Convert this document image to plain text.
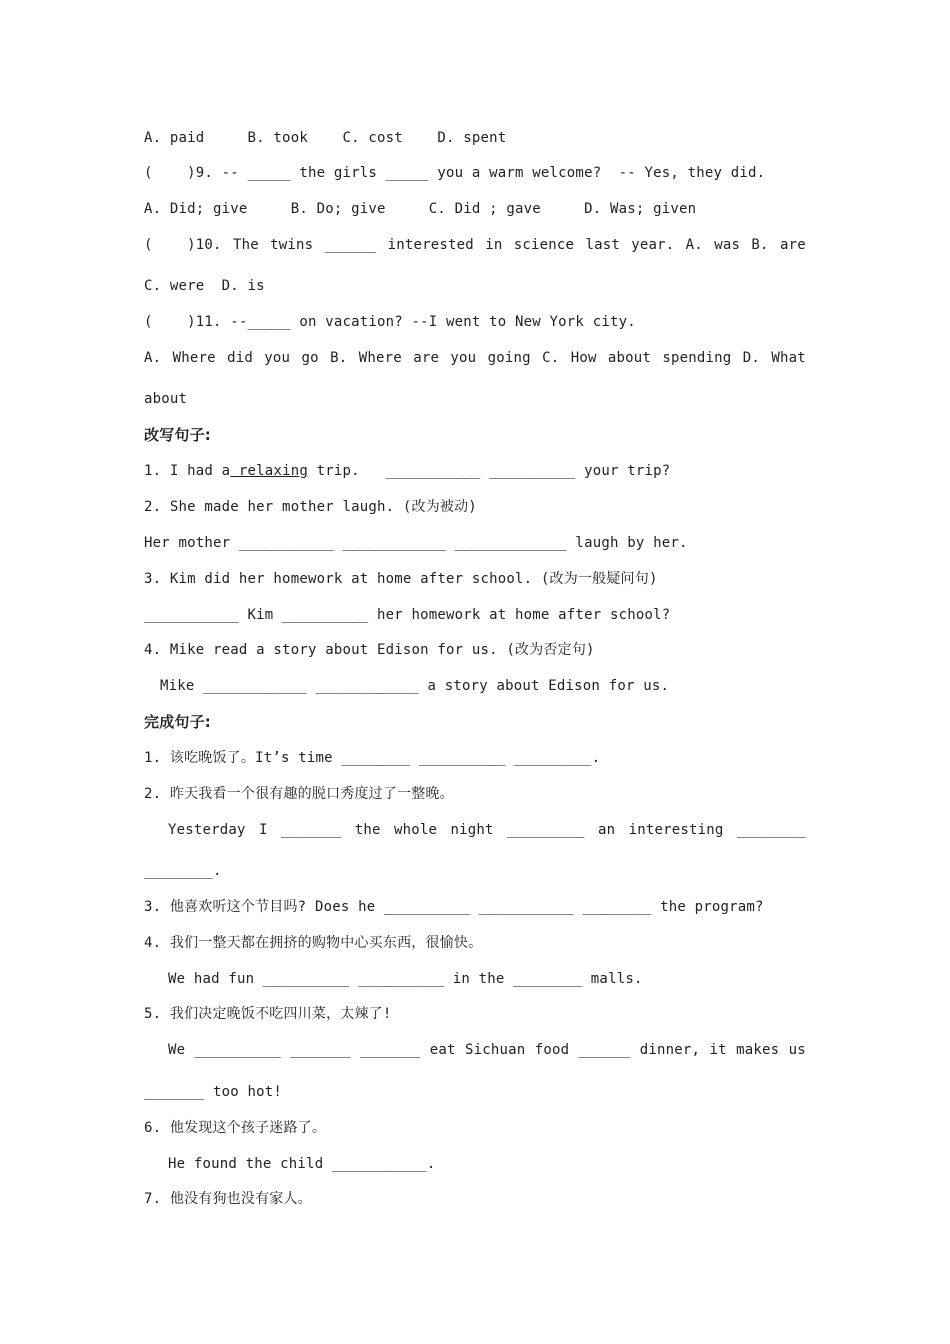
A. paid     B. took    C. cost    D. spent
(    )9. -- _____ the girls _____ you a warm welcome?  -- Yes, they did.
A. Did; give     B. Do; give     C. Did ; gave     D. Was; given
(    )10. The twins ______ interested in science last year. A. was B. are
C. were  D. is
(    )11. --_____ on vacation? --I went to New York city.
A. Where did you go B. Where are you going C. How about spending D. What
about
改写句子:
1. I had a relaxing trip.   ___________ __________ your trip?
2. She made her mother laugh. (改为被动)
Her mother ___________ ____________ _____________ laugh by her.
3. Kim did her homework at home after school. (改为一般疑问句)
___________ Kim __________ her homework at home after school?
4. Mike read a story about Edison for us. (改为否定句)
Mike ____________ ____________ a story about Edison for us.
完成句子:
1. 该吃晚饭了。It’s time ________ __________ _________.
2. 昨天我看一个很有趣的脱口秀度过了一整晚。
Yesterday I _______ the whole night _________ an interesting ________
________.
3. 他喜欢听这个节目吗? Does he __________ ___________ ________ the program?
4. 我们一整天都在拥挤的购物中心买东西，很愉快。
We had fun __________ __________ in the ________ malls.
5. 我们决定晚饭不吃四川菜，太辣了!
We __________ _______ _______ eat Sichuan food ______ dinner, it makes us
_______ too hot!
6. 他发现这个孩子迷路了。
He found the child ___________.
7. 他没有狗也没有家人。
